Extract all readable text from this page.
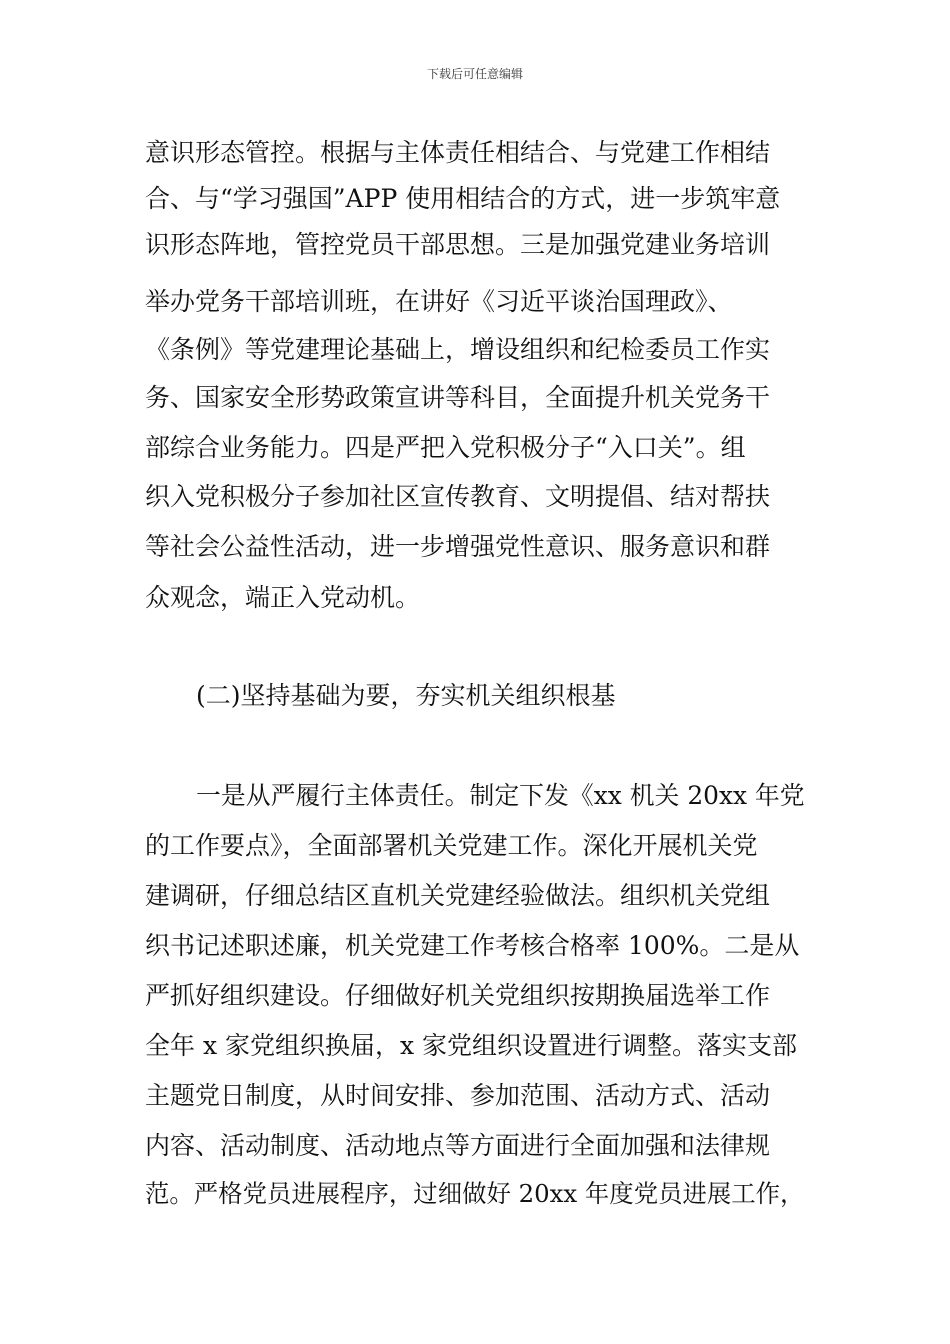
下载后可任意编辑
意识形态管控。根据与主体责任相结合、与党建工作相结
合、与“学习强国”APP 使用相结合的方式，进一步筑牢意
识形态阵地，管控党员干部思想。三是加强党建业务培训
举办党务干部培训班，在讲好《习近平谈治国理政》、
《条例》等党建理论基础上，增设组织和纪检委员工作实
务、国家安全形势政策宣讲等科目，全面提升机关党务干
部综合业务能力。四是严把入党积极分子“入口关”。组
织入党积极分子参加社区宣传教育、文明提倡、结对帮扶
等社会公益性活动，进一步增强党性意识、服务意识和群
众观念，端正入党动机。
(二)坚持基础为要，夯实机关组织根基
一是从严履行主体责任。制定下发《xx 机关 20xx 年党
的工作要点》，全面部署机关党建工作。深化开展机关党
建调研，仔细总结区直机关党建经验做法。组织机关党组
织书记述职述廉，机关党建工作考核合格率 100%。二是从
严抓好组织建设。仔细做好机关党组织按期换届选举工作
全年 x 家党组织换届，x 家党组织设置进行调整。落实支部
主题党日制度，从时间安排、参加范围、活动方式、活动
内容、活动制度、活动地点等方面进行全面加强和法律规
范。严格党员进展程序，过细做好 20xx 年度党员进展工作，
